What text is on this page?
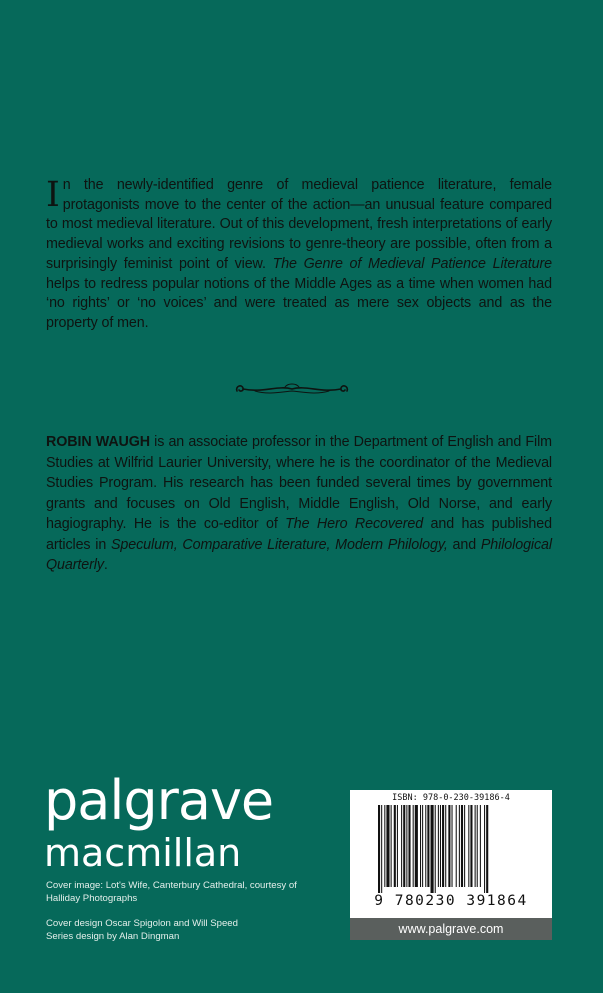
In the newly-identified genre of medieval patience literature, female protagonists move to the center of the action—an unusual feature compared to most medieval literature. Out of this development, fresh interpretations of early medieval works and exciting revisions to genre-theory are possible, often from a surprisingly feminist point of view. The Genre of Medieval Patience Literature helps to redress popular notions of the Middle Ages as a time when women had ‘no rights’ or ‘no voices’ and were treated as mere sex objects and as the property of men.

ROBIN WAUGH is an associate professor in the Department of English and Film Studies at Wilfrid Laurier University, where he is the coordinator of the Medieval Studies Program. His research has been funded several times by government grants and focuses on Old English, Middle English, Old Norse, and early hagiography. He is the co-editor of The Hero Recovered and has published articles in Speculum, Comparative Literature, Modern Philology, and Philological Quarterly.

palgrave
macmillan
Cover image: Lot's Wife, Canterbury Cathedral, courtesy of Halliday Photographs
Cover design Oscar Spigolon and Will Speed
Series design by Alan Dingman
ISBN: 978-0-230-39186-4
9 780230 391864
www.palgrave.com
